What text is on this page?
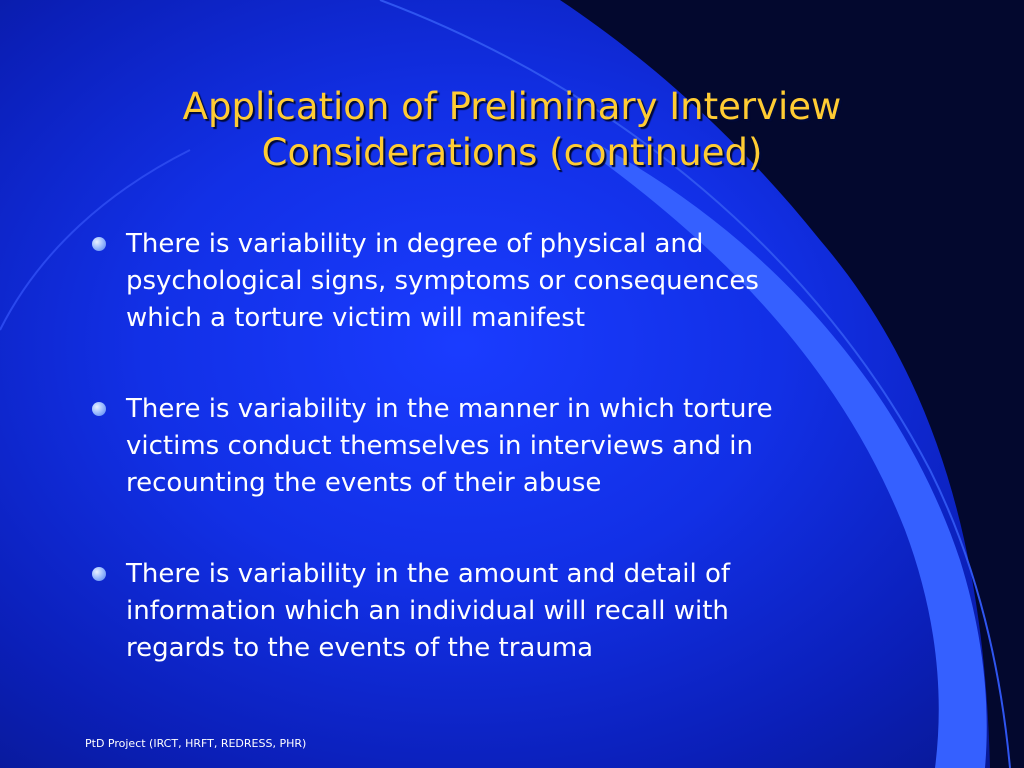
Application of Preliminary Interview
Considerations (continued)
There is variability in degree of physical and
psychological signs, symptoms or consequences
which a torture victim will manifest
There is variability in the manner in which torture
victims conduct themselves in interviews and in
recounting the events of their abuse
There is variability in the amount and detail of
information which an individual will recall with
regards to the events of the trauma
PtD Project (IRCT, HRFT, REDRESS, PHR)
